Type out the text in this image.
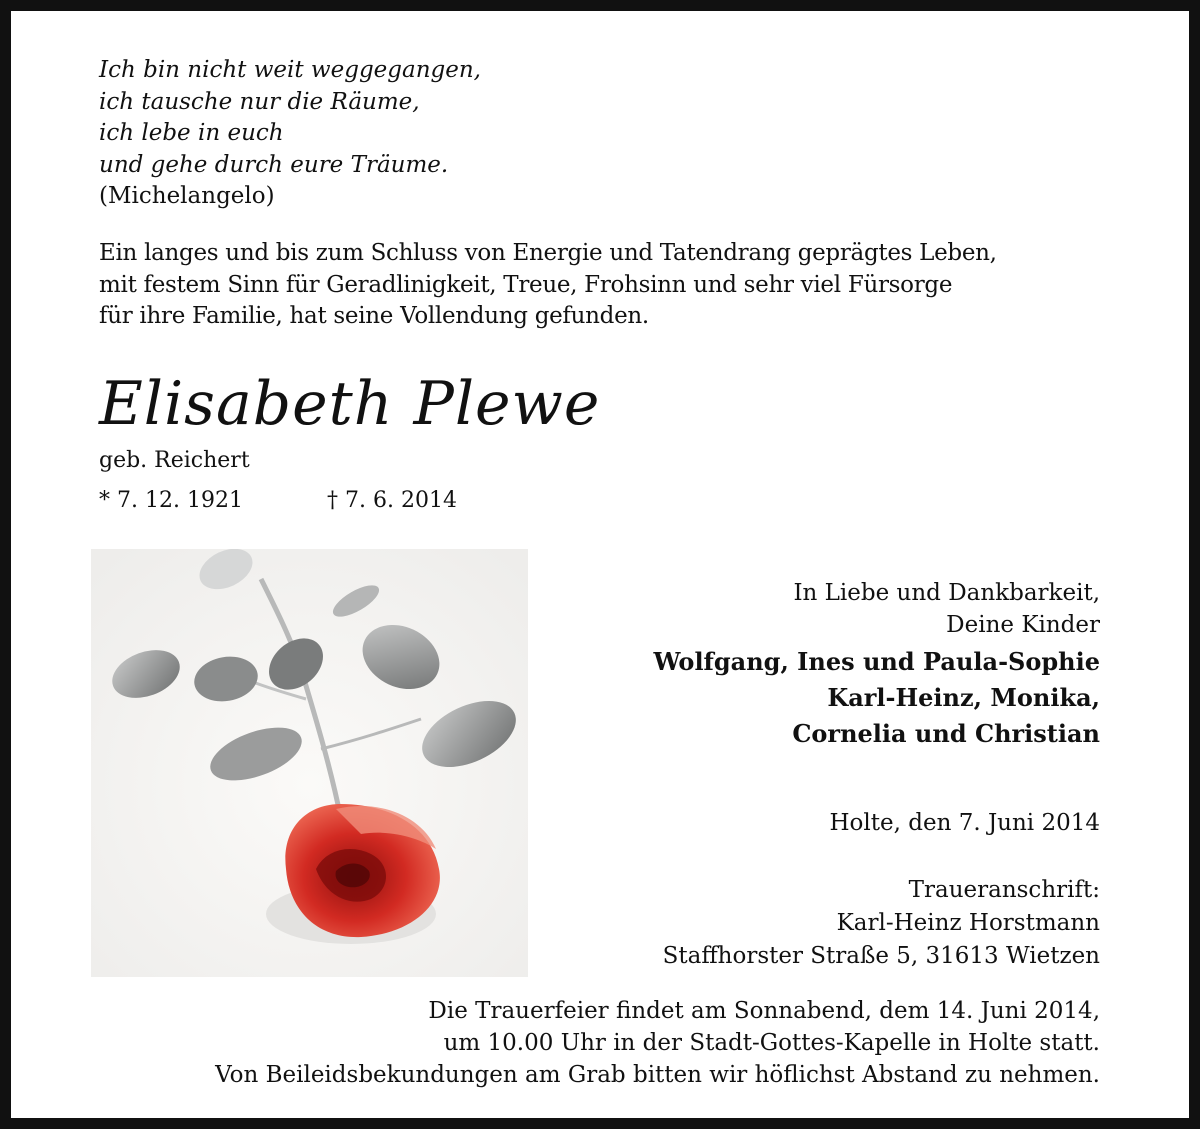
Ich bin nicht weit weggegangen,
ich tausche nur die Räume,
ich lebe in euch
und gehe durch eure Träume.
(Michelangelo)
Ein langes und bis zum Schluss von Energie und Tatendrang geprägtes Leben,
mit festem Sinn für Geradlinigkeit, Treue, Frohsinn und sehr viel Fürsorge
für ihre Familie, hat seine Vollendung gefunden.
Elisabeth Plewe
geb. Reichert
* 7. 12. 1921	† 7. 6. 2014
In Liebe und Dankbarkeit,
Deine Kinder
Wolfgang, Ines und Paula-Sophie
Karl-Heinz, Monika,
Cornelia und Christian
Holte, den 7. Juni 2014
Traueranschrift:
Karl-Heinz Horstmann
Staffhorster Straße 5, 31613 Wietzen
Die Trauerfeier findet am Sonnabend, dem 14. Juni 2014,
um 10.00 Uhr in der Stadt-Gottes-Kapelle in Holte statt.
Von Beileidsbekundungen am Grab bitten wir höflichst Abstand zu nehmen.
